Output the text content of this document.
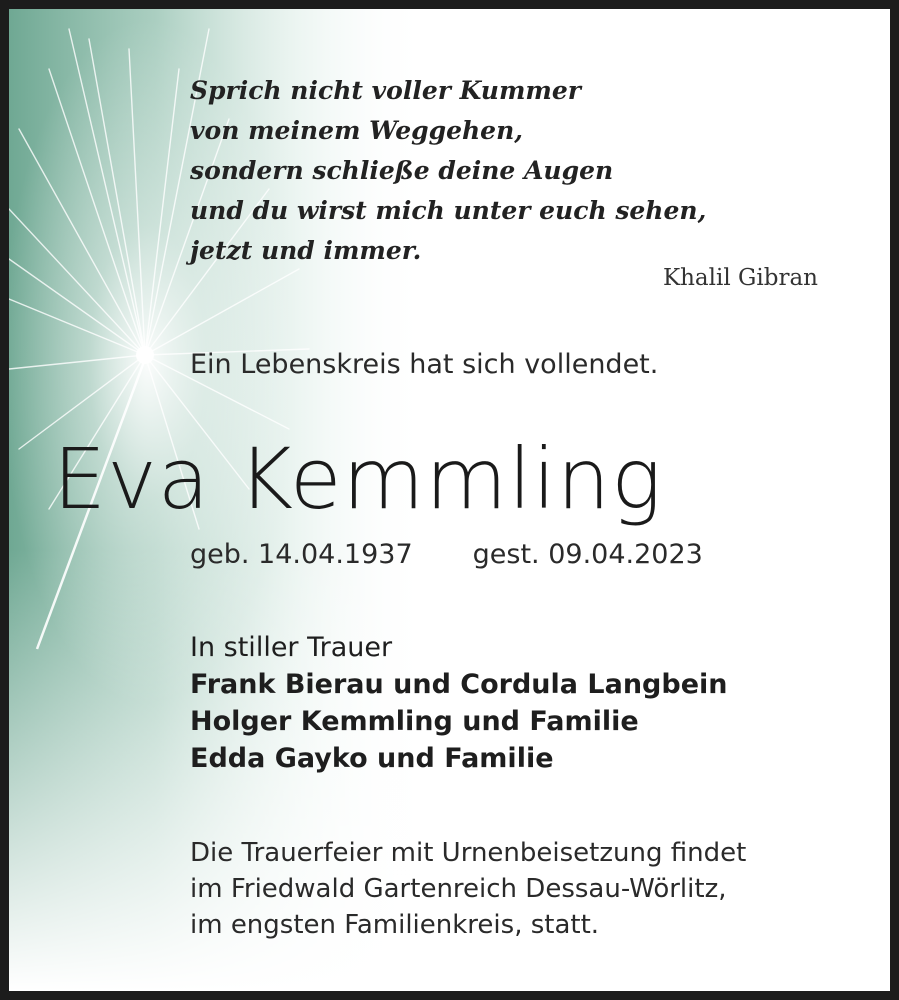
Sprich nicht voller Kummer
von meinem Weggehen,
sondern schließe deine Augen
und du wirst mich unter euch sehen,
jetzt und immer.
Khalil Gibran
Ein Lebenskreis hat sich vollendet.
Eva Kemmling
geb. 14.04.1937 gest. 09.04.2023
In stiller Trauer
Frank Bierau und Cordula Langbein
Holger Kemmling und Familie
Edda Gayko und Familie
Die Trauerfeier mit Urnenbeisetzung findet
im Friedwald Gartenreich Dessau-Wörlitz,
im engsten Familienkreis, statt.
